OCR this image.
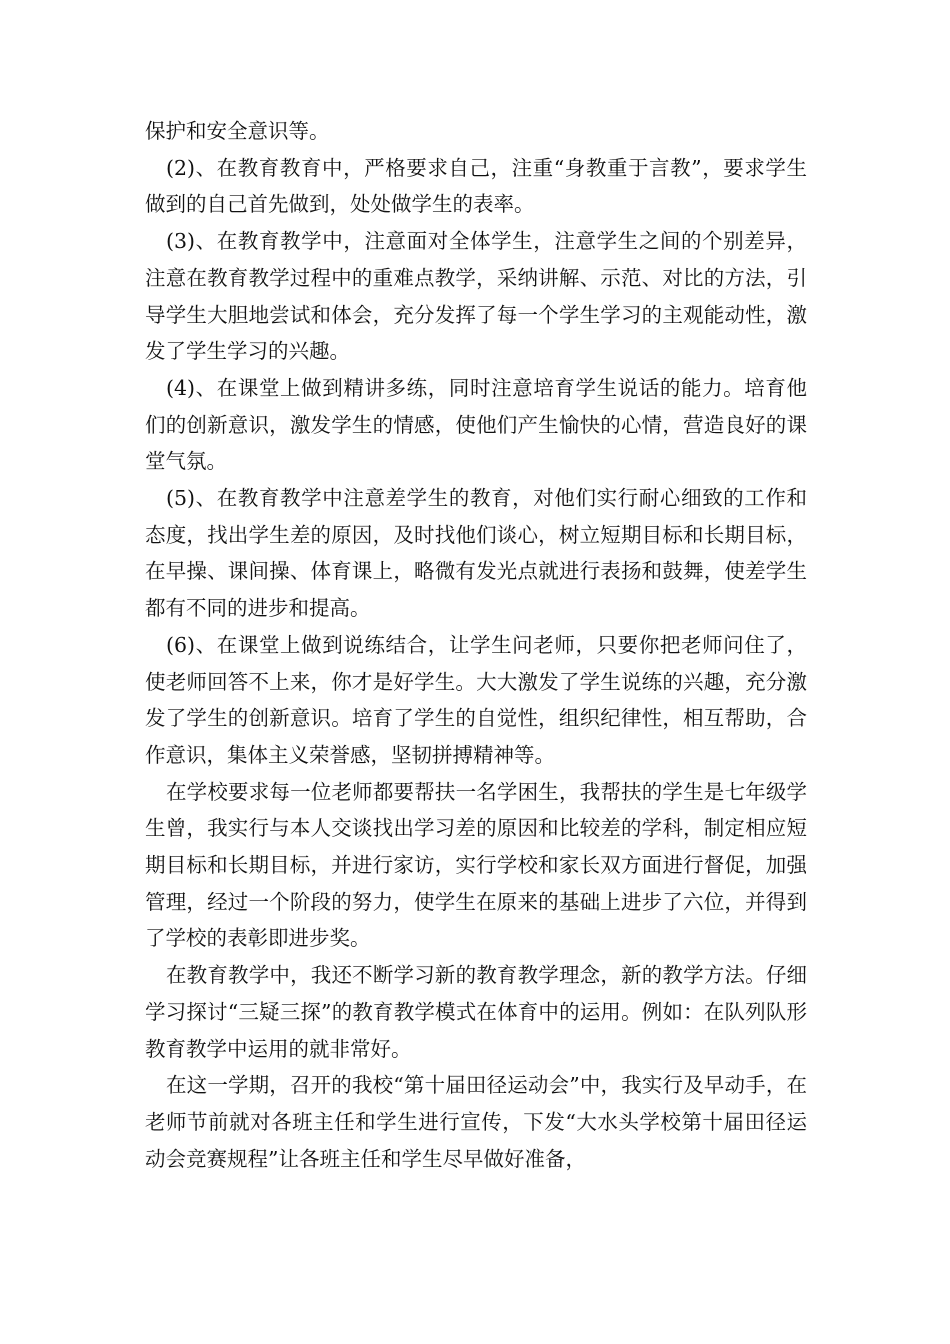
保护和安全意识等。

(2)、在教育教育中，严格要求自己，注重“身教重于言教”，要求学生做到的自己首先做到，处处做学生的表率。

(3)、在教育教学中，注意面对全体学生，注意学生之间的个别差异，注意在教育教学过程中的重难点教学，采纳讲解、示范、对比的方法，引导学生大胆地尝试和体会，充分发挥了每一个学生学习的主观能动性，激发了学生学习的兴趣。

(4)、在课堂上做到精讲多练，同时注意培育学生说话的能力。培育他们的创新意识，激发学生的情感，使他们产生愉快的心情，营造良好的课堂气氛。

(5)、在教育教学中注意差学生的教育，对他们实行耐心细致的工作和态度，找出学生差的原因，及时找他们谈心，树立短期目标和长期目标，在早操、课间操、体育课上，略微有发光点就进行表扬和鼓舞，使差学生都有不同的进步和提高。

(6)、在课堂上做到说练结合，让学生问老师，只要你把老师问住了，使老师回答不上来，你才是好学生。大大激发了学生说练的兴趣，充分激发了学生的创新意识。培育了学生的自觉性，组织纪律性，相互帮助，合作意识，集体主义荣誉感，坚韧拼搏精神等。

在学校要求每一位老师都要帮扶一名学困生，我帮扶的学生是七年级学生曾，我实行与本人交谈找出学习差的原因和比较差的学科，制定相应短期目标和长期目标，并进行家访，实行学校和家长双方面进行督促，加强管理，经过一个阶段的努力，使学生在原来的基础上进步了六位，并得到了学校的表彰即进步奖。

在教育教学中，我还不断学习新的教育教学理念，新的教学方法。仔细学习探讨“三疑三探”的教育教学模式在体育中的运用。例如：在队列队形教育教学中运用的就非常好。

在这一学期，召开的我校“第十届田径运动会”中，我实行及早动手，在老师节前就对各班主任和学生进行宣传，下发“大水头学校第十届田径运动会竞赛规程”让各班主任和学生尽早做好准备，
